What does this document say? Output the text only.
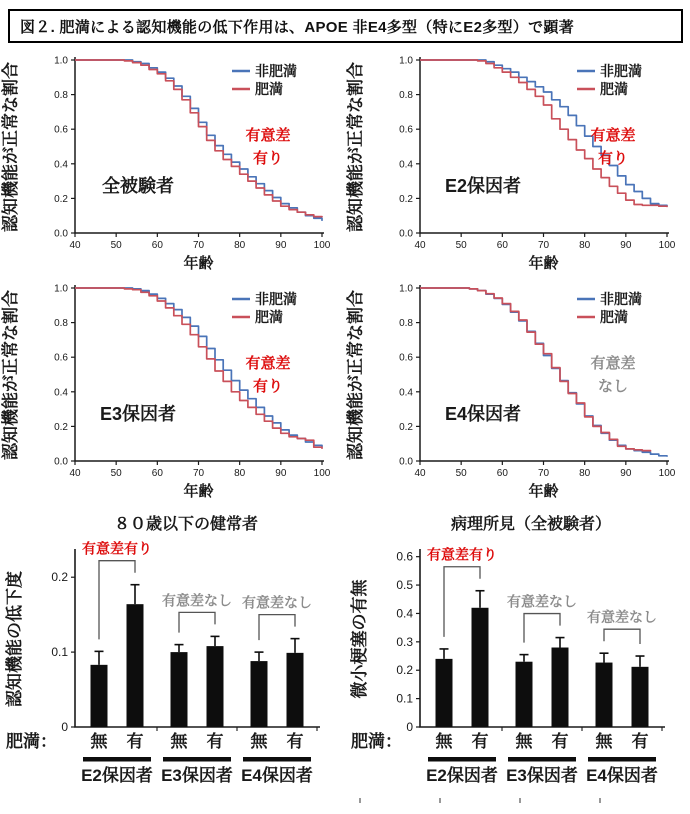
図２. 肥満による認知機能の低下作用は、APOE 非E4多型（特にE2多型）で顕著
0.0
0.2
0.4
0.6
0.8
1.0
40	50	60	70	80	90	100
年齢
認知機能が正常な割合	非肥満
肥満
全被験者
有意差
有り
0.0
0.2
0.4
0.6
0.8
1.0
40	50	60	70	80	90	100
年齢
認知機能が正常な割合	非肥満
肥満
E2保因者
有意差
有り
0.0
0.2
0.4
0.6
0.8
1.0
40	50	60	70	80	90	100
年齢
認知機能が正常な割合	非肥満
肥満
E3保因者
有意差
有り
0.0
0.2
0.4
0.6
0.8
1.0
40	50	60	70	80	90	100
年齢
認知機能が正常な割合	非肥満
肥満
E4保因者
有意差
なし
８０歳以下の健常者
認知機能の低下度
0
0.1
0.2
肥満： 無 有
有意差有り
E2保因者
無 有
有意差なし
E3保因者
無 有
有意差なし
E4保因者
病理所見（全被験者）
微小梗塞の有無
0
0.1
0.2
0.3
0.4
0.5
0.6
肥満： 無 有
有意差有り
E2保因者
無 有
有意差なし
E3保因者
無 有
有意差なし
E4保因者
